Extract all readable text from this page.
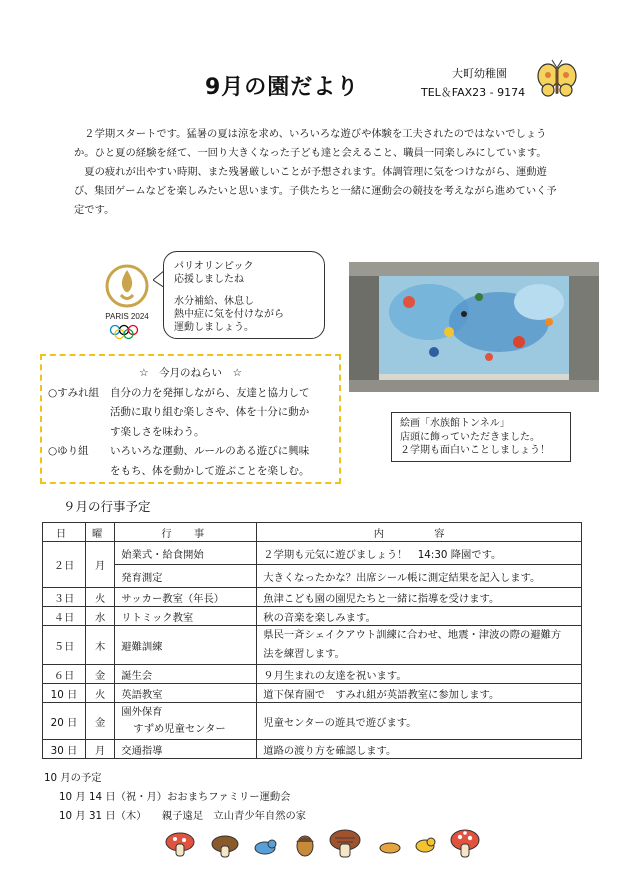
9月の園だより
大町幼稚園
TEL＆FAX23 - 9174

２学期スタートです。猛暑の夏は涼を求め、いろいろな遊びや体験を工夫されたのではないでしょうか。ひと夏の経験を経て、一回り大きくなった子ども達と会えること、職員一同楽しみにしています。

夏の疲れが出やすい時期、また残暑厳しいことが予想されます。体調管理に気をつけながら、運動遊び、集団ゲームなどを楽しみたいと思います。子供たちと一緒に運動会の競技を考えながら進めていく予定です。

PARIS 2024
パリオリンピック
応援しましたね
水分補給、休息し
熱中症に気を付けながら
運動しましょう。
☆　今月のねらい　☆
○すみれ組	自分の力を発揮しながら、友達と協力して
活動に取り組む楽しさや、体を十分に動か
す楽しさを味わう。
○ゆり組	いろいろな運動、ルールのある遊びに興味
をもち、体を動かして遊ぶことを楽しむ。
絵画「水族館トンネル」
店頭に飾っていただきました。
２学期も面白いことしましょう！
９月の行事予定
日	曜	行　事	内　容
２日	月	始業式・給食開始	２学期も元気に遊びましょう！　14:30 降園です。
		発育測定	大きくなったかな？出席シール帳に測定結果を記入します。
３日	火	サッカー教室（年長）	魚津こども園の園児たちと一緒に指導を受けます。
４日	水	リトミック教室	秋の音楽を楽しみます。
５日	木	避難訓練	県民一斉シェイクアウト訓練に合わせ、地震・津波の際の避難方
法を練習します。

６日	金	誕生会	９月生まれの友達を祝います。
10 日	火	英語教室	道下保育園で　すみれ組が英語教室に参加します。
20 日	金	園外保育
すずめ児童センター	児童センターの遊具で遊びます。
30 日	月	交通指導	道路の渡り方を確認します。
10 月の予定
10 月 14 日（祝・月）おおまちファミリー運動会
10 月 31 日（木）　　親子遠足　立山青少年自然の家
